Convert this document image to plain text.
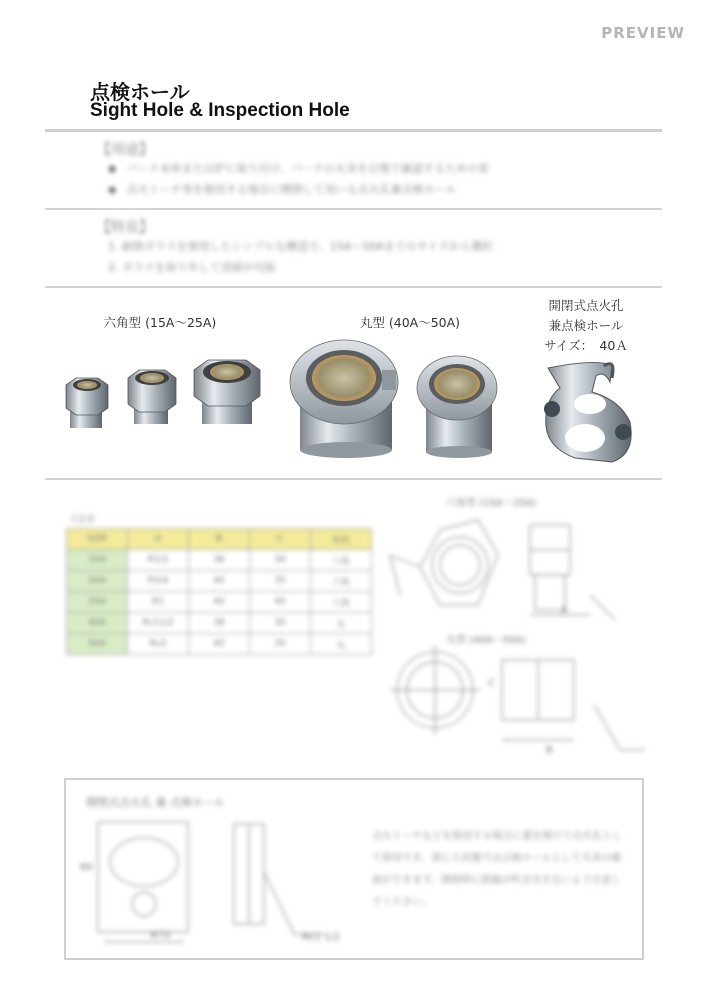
PREVIEW
点検ホール
Sight Hole & Inspection Hole
【用途】
◆ バーナ本体または炉に取り付け、バーナの火炎を目視で確認するための窓
◆ 点火トーチ等を使用する場合に開閉して用いる点火孔兼点検ホール
【特長】
1. 耐熱ガラスを使用したシンプルな構造で、15A～50Aまでのサイズから選択
2. ガラスを取り外して清掃が可能
六角型 (15A～25A)	丸型 (40A～50A)
開閉式点火孔
兼点検ホール
サイズ：　40Ａ
寸法表
SIZE	A	B	C	形状
15A	R1/2	36	30	六角
20A	R3/4	40	35	六角
25A	R1	40	40	六角
40A	Rc11/2	38	30	丸
50A	Rc2	40	35	丸
六角型 (15A～25A)
丸型 (40A～50A)
A
B
C
開閉式点火孔 兼 点検ホール
80
Φ70	Rc1 1/2
点火トーチなどを使用する場合に蓋を開けて点火孔として使用でき、閉じた状態では点検ホールとして火炎の確認ができます。開閉時に熱風が吹き出さないよう注意してください。
